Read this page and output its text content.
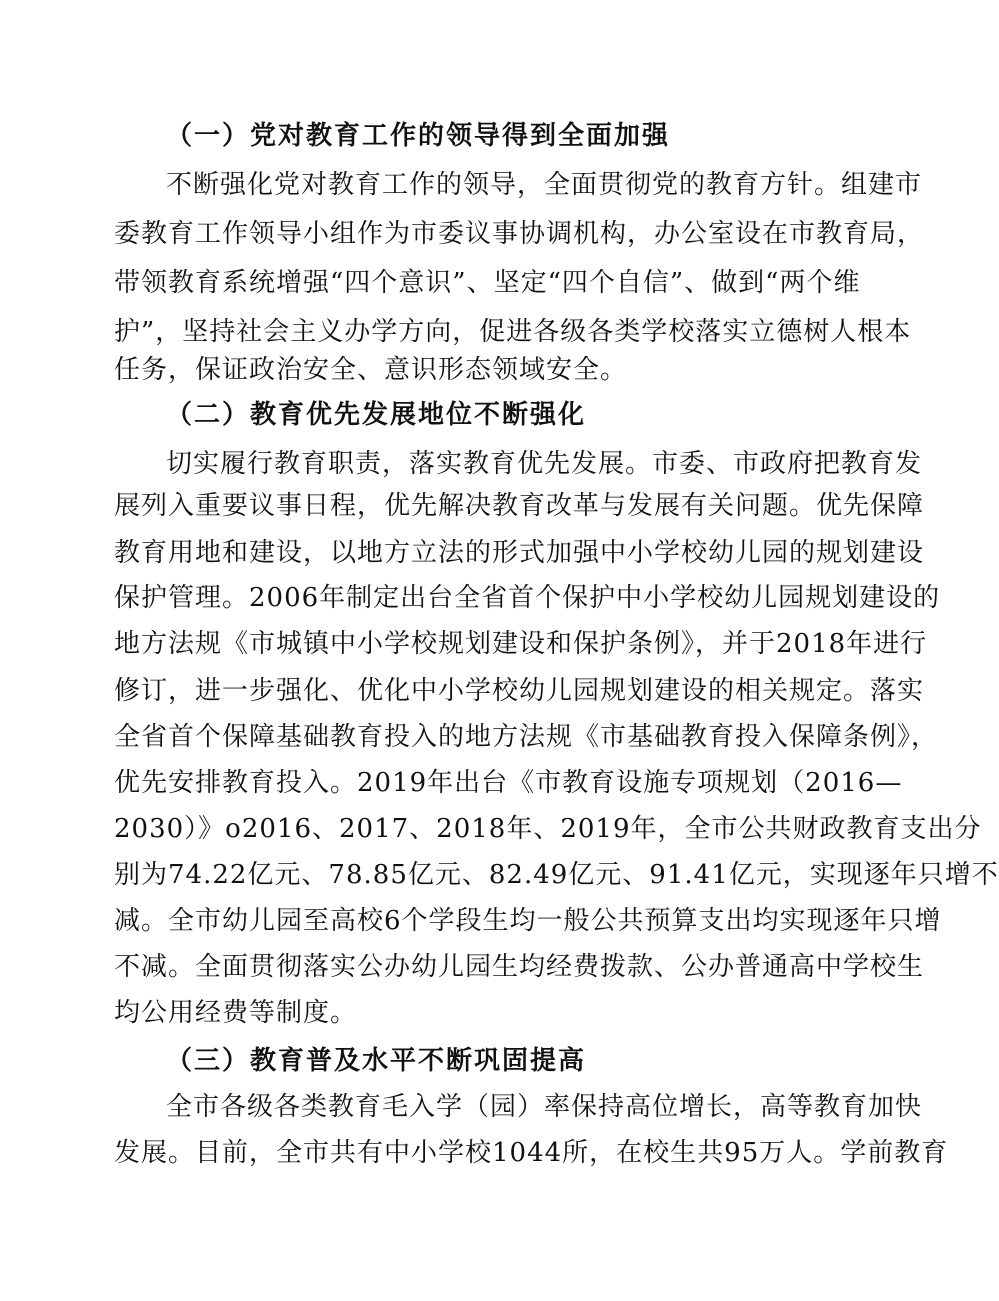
（一）党对教育工作的领导得到全面加强
不断强化党对教育工作的领导，全面贯彻党的教育方针。组建市
委教育工作领导小组作为市委议事协调机构，办公室设在市教育局，
带领教育系统增强“四个意识”、坚定“四个自信”、做到“两个维
护”，坚持社会主义办学方向，促进各级各类学校落实立德树人根本
任务，保证政治安全、意识形态领域安全。
（二）教育优先发展地位不断强化
切实履行教育职责，落实教育优先发展。市委、市政府把教育发
展列入重要议事日程，优先解决教育改革与发展有关问题。优先保障
教育用地和建设，以地方立法的形式加强中小学校幼儿园的规划建设
保护管理。2006年制定出台全省首个保护中小学校幼儿园规划建设的
地方法规《市城镇中小学校规划建设和保护条例》，并于2018年进行
修订，进一步强化、优化中小学校幼儿园规划建设的相关规定。落实
全省首个保障基础教育投入的地方法规《市基础教育投入保障条例》，
优先安排教育投入。2019年出台《市教育设施专项规划（2016—
2030）》o2016、2017、2018年、2019年，全市公共财政教育支出分
别为74.22亿元、78.85亿元、82.49亿元、91.41亿元，实现逐年只增不
减。全市幼儿园至高校6个学段生均一般公共预算支出均实现逐年只增
不减。全面贯彻落实公办幼儿园生均经费拨款、公办普通高中学校生
均公用经费等制度。
（三）教育普及水平不断巩固提高
全市各级各类教育毛入学（园）率保持高位增长，高等教育加快
发展。目前，全市共有中小学校1044所，在校生共95万人。学前教育
